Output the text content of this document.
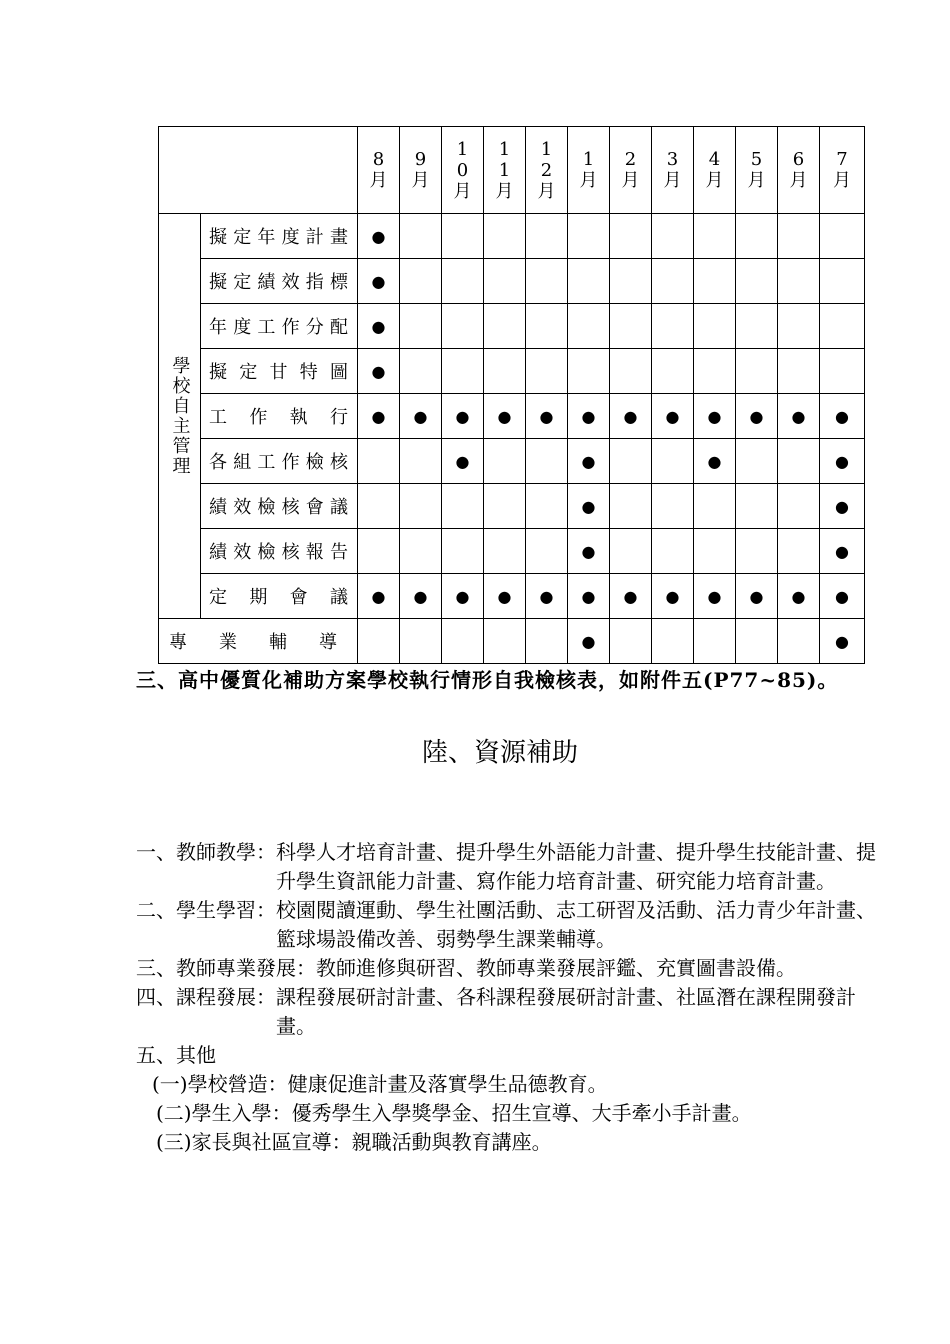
		8月	9月	10月	11月	12月	1月	2月	3月	4月	5月	6月	7月

學校自主管理	擬定年度計畫	●											
	擬定績效指標	●											
	年度工作分配	●											
	擬定甘特圖	●											
	工作執行	●	●	●	●	●	●	●	●	●	●	●	●
	各組工作檢核			●			●			●			●
	績效檢核會議						●						●
	績效檢核報告						●						●
	定期會議	●	●	●	●	●	●	●	●	●	●	●	●
專業輔導							●						●
三、高中優質化補助方案學校執行情形自我檢核表，如附件五(P77~85)。
陸、資源補助
一、教師教學： 科學人才培育計畫、提升學生外語能力計畫、提升學生技能計畫、提升學生資訊能力計畫、寫作能力培育計畫、研究能力培育計畫。
二、學生學習： 校園閱讀運動、學生社團活動、志工研習及活動、活力青少年計畫、籃球場設備改善、弱勢學生課業輔導。
三、教師專業發展：教師進修與研習、教師專業發展評鑑、充實圖書設備。
四、課程發展： 課程發展研討計畫、各科課程發展研討計畫、社區潛在課程開發計畫。
五、其他
(一)學校營造：健康促進計畫及落實學生品德教育。
(二)學生入學：優秀學生入學獎學金、招生宣導、大手牽小手計畫。
(三)家長與社區宣導：親職活動與教育講座。
